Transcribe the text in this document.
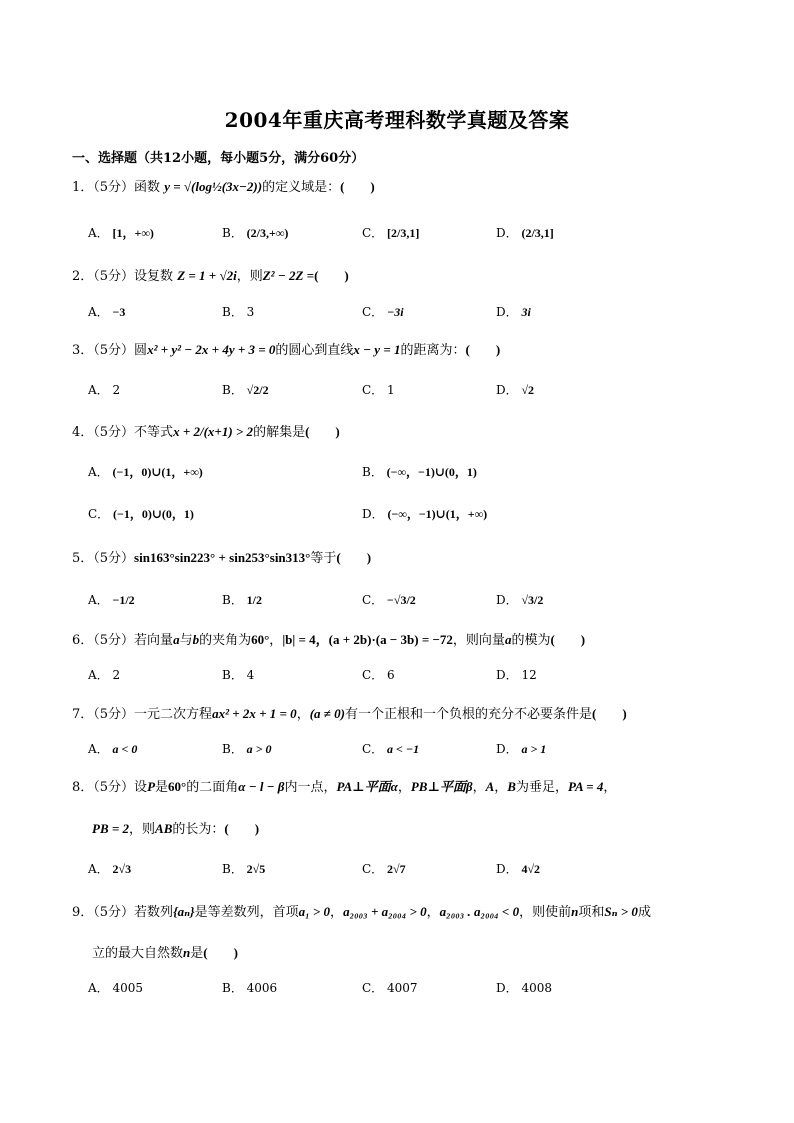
2004年重庆高考理科数学真题及答案
一、选择题（共12小题，每小题5分，满分60分）
1．（5分）函数 y = √(log½(3x−2))的定义域是：(　　)
A． [1，+∞)	B． (2/3,+∞)	C． [2/3,1]	D． (2/3,1]
2．（5分）设复数 Z = 1 + √2i，则Z² − 2Z =(　　)
A． −3	B． 3	C． −3i	D． 3i
3．（5分）圆x² + y² − 2x + 4y + 3 = 0的圆心到直线x − y = 1的距离为：(　　)
A． 2	B． √2/2	C． 1	D． √2
4．（5分）不等式x + 2/(x+1) > 2的解集是(　　)
A． (−1，0)∪(1，+∞)	B． (−∞，−1)∪(0，1)
C． (−1，0)∪(0，1)	D． (−∞，−1)∪(1，+∞)
5．（5分）sin163°sin223° + sin253°sin313°等于(　　)
A． −1/2	B． 1/2	C． −√3/2	D． √3/2
6．（5分）若向量a与b的夹角为60°，|b| = 4，(a + 2b)·(a − 3b) = −72，则向量a的模为(　　)
A． 2	B． 4	C． 6	D． 12
7．（5分）一元二次方程ax² + 2x + 1 = 0，(a ≠ 0)有一个正根和一个负根的充分不必要条件是(　　)
A． a < 0	B． a > 0	C． a < −1	D． a > 1
8．（5分）设P是60°的二面角α − l − β内一点，PA⊥平面α，PB⊥平面β，A，B为垂足，PA = 4，
PB = 2，则AB的长为：(　　)
A． 2√3	B． 2√5	C． 2√7	D． 4√2
9．（5分）若数列{aₙ}是等差数列，首项a₁ > 0，a₂₀₀₃ + a₂₀₀₄ > 0，a₂₀₀₃ . a₂₀₀₄ < 0，则使前n项和Sₙ > 0成
立的最大自然数n是(　　)
A． 4005	B． 4006	C． 4007	D． 4008
